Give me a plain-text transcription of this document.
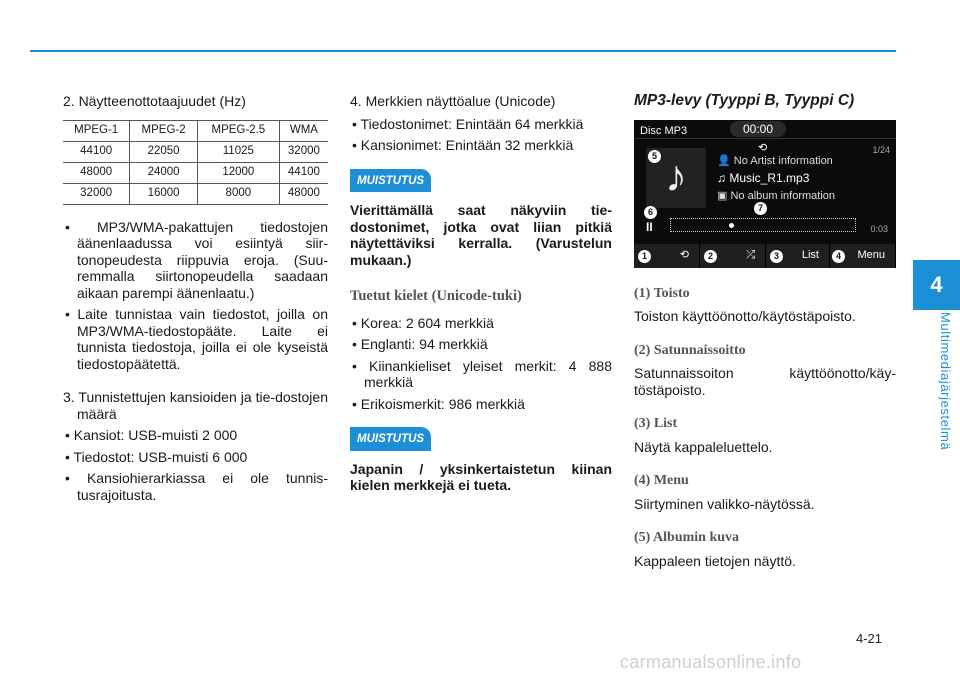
4
Multimediajärjestelmä
2. Näytteenottotaajuudet (Hz)
MPEG-1	MPEG-2	MPEG-2.5	WMA
44100	22050	11025	32000
48000	24000	12000	44100
32000	16000	8000	48000
• MP3/WMA-pakattujen tiedostojen äänenlaadussa voi esiintyä siir-tonopeudesta riippuvia eroja. (Suu-remmalla siirtonopeudella saadaan aikaan parempi äänenlaatu.)
• Laite tunnistaa vain tiedostot, joilla on MP3/WMA-tiedostopääte. Laite ei tunnista tiedostoja, joilla ei ole kyseistä tiedostopäätettä.
3. Tunnistettujen kansioiden ja tie-dostojen määrä
• Kansiot: USB-muisti 2 000
• Tiedostot: USB-muisti 6 000
• Kansiohierarkiassa ei ole tunnis-tusrajoitusta.
4. Merkkien näyttöalue (Unicode)
• Tiedostonimet: Enintään 64 merkkiä
• Kansionimet: Enintään 32 merkkiä
MUISTUTUS
Vierittämällä saat näkyviin tie-dostonimet, jotka ovat liian pitkiä näytettäviksi kerralla. (Varustelun mukaan.)
Tuetut kielet (Unicode-tuki)
• Korea: 2 604 merkkiä
• Englanti: 94 merkkiä
• Kiinankieliset yleiset merkit: 4 888 merkkiä
• Erikoismerkit: 986 merkkiä
MUISTUTUS
Japanin / yksinkertaistetun kiinan kielen merkkejä ei tueta.
MP3-levy (Tyyppi B, Tyyppi C)
Disc MP3	00:00
⟲	1/24
♪	👤 No Artist information
♫ Music_R1.mp3
▣ No album information
II	0:03
⟲	⤮	List	Menu
1	2	3	4
5
6	7
(1) Toisto
Toiston käyttöönotto/käytöstäpoisto.
(2) Satunnaissoitto
Satunnaissoiton käyttöönotto/käy-töstäpoisto.
(3) List
Näytä kappaleluettelo.
(4) Menu
Siirtyminen valikko-näytössä.
(5) Albumin kuva
Kappaleen tietojen näyttö.
4-21
carmanualsonline.info
